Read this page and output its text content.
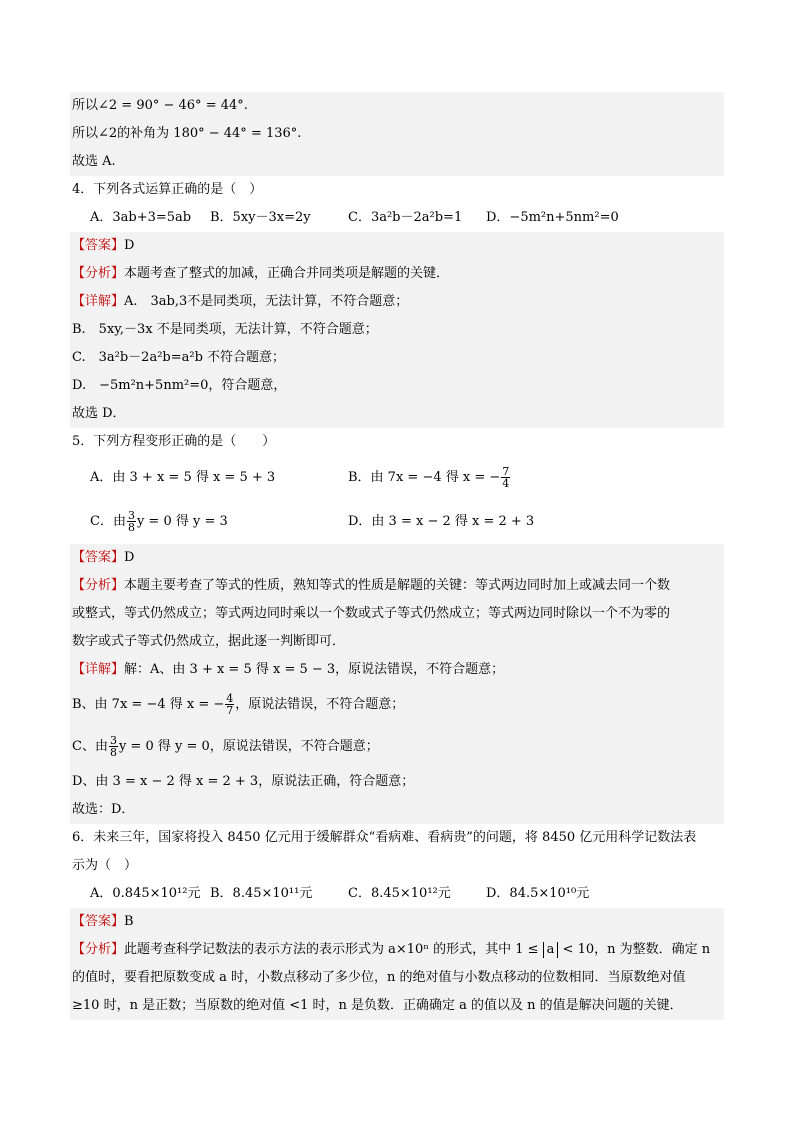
所以∠2 = 90° − 46° = 44°.
所以∠2的补角为 180° − 44° = 136°.
故选 A.
4．下列各式运算正确的是（　）
A．3ab+3=5ab B．5xy－3x=2y	C．3a²b－2a²b=1 D．−5m²n+5nm²=0
【答案】D
【分析】本题考查了整式的加减，正确合并同类项是解题的关键．
【详解】A.　3ab,3不是同类项，无法计算，不符合题意；
B.　5xy,－3x 不是同类项，无法计算，不符合题意；
C.　3a²b－2a²b=a²b 不符合题意；
D.　−5m²n+5nm²=0，符合题意，
故选 D．
5．下列方程变形正确的是（　　）
A．由 3 + x = 5 得 x = 5 + 3	B．由 7x = −4 得 x = − $\frac{7}{4}$
C．由 $\frac{3}{8}$ y = 0 得 y = 3	D．由 3 = x − 2 得 x = 2 + 3
【答案】D
【分析】本题主要考查了等式的性质，熟知等式的性质是解题的关键：等式两边同时加上或减去同一个数
或整式，等式仍然成立；等式两边同时乘以一个数或式子等式仍然成立；等式两边同时除以一个不为零的
数字或式子等式仍然成立，据此逐一判断即可．
【详解】解：A、由 3 + x = 5 得 x = 5 − 3，原说法错误，不符合题意；
B、由 7x = −4 得 x = − $\frac{4}{7}$ ，原说法错误，不符合题意；
C、由 $\frac{3}{8}$ y = 0 得 y = 0，原说法错误，不符合题意；
D、由 3 = x − 2 得 x = 2 + 3，原说法正确，符合题意；
故选：D．
6．未来三年，国家将投入 8450 亿元用于缓解群众“看病难、看病贵”的问题，将 8450 亿元用科学记数法表
示为（　）
A．0.845×10¹²元 B．8.45×10¹¹元	C．8.45×10¹²元	D．84.5×10¹⁰元
【答案】B
【分析】此题考查科学记数法的表示方法的表示形式为 a×10ⁿ 的形式，其中 1 ≤ a < 10，n 为整数．确定 n
的值时，要看把原数变成 a 时，小数点移动了多少位，n 的绝对值与小数点移动的位数相同．当原数绝对值
≥10 时，n 是正数；当原数的绝对值 <1 时，n 是负数．正确确定 a 的值以及 n 的值是解决问题的关键．
